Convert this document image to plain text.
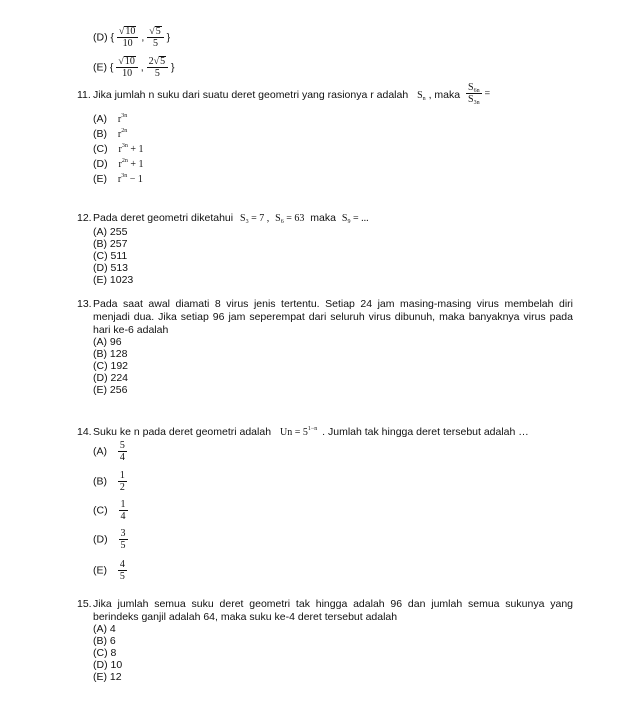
(D) { $\frac{√10}{10}$ , $\frac{√5}{5}$ }
(E) { $\frac{√10}{10}$ , $\frac{2√5}{5}$ }
11. Jika jumlah n suku dari suatu deret geometri yang rasionya r adalah $S_n$ , maka $\frac{S_{6n}}{S_{3n}}$ =
(A) $r^{3n}$
(B) $r^{2n}$
(C) $r^{3n} + 1$
(D) $r^{2n} + 1$
(E) $r^{3n} - 1$
12. Pada deret geometri diketahui $S_3 = 7$ , $S_6 = 63$ maka $S_9$ = ...
(A) 255
(B) 257
(C) 511
(D) 513
(E) 1023
13. Pada saat awal diamati 8 virus jenis tertentu. Setiap 24 jam masing-masing virus membelah diri
menjadi dua. Jika setiap 96 jam seperempat dari seluruh virus dibunuh, maka banyaknya virus pada
hari ke-6 adalah
(A) 96
(B) 128
(C) 192
(D) 224
(E) 256
14. Suku ke n pada deret geometri adalah $Un = 5^{1-n}$ . Jumlah tak hingga deret tersebut adalah …
$(A) \frac{5}{4}$
$(B) \frac{1}{2}$
$(C) \frac{1}{4}$
$(D) \frac{3}{5}$
$(E) \frac{4}{5}$
15. Jika jumlah semua suku deret geometri tak hingga adalah 96 dan jumlah semua sukunya yang
berindeks ganjil adalah 64, maka suku ke-4 deret tersebut adalah
(A) 4
(B) 6
(C) 8
(D) 10
(E) 12
